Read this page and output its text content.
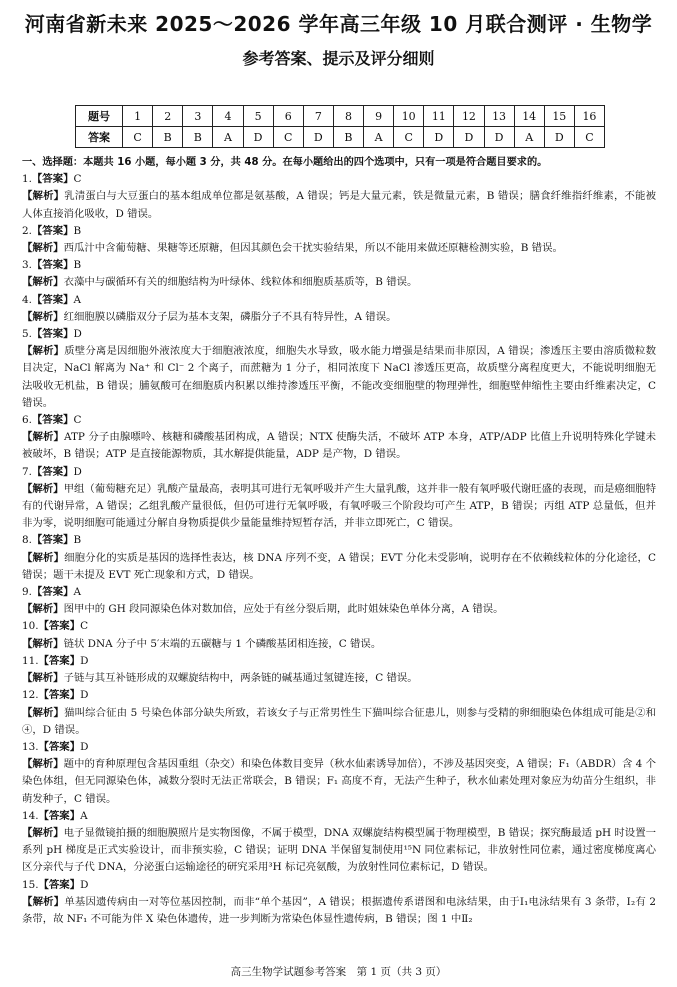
河南省新未来 2025～2026 学年高三年级 10 月联合测评 · 生物学
参考答案、提示及评分细则
题号	1	2	3	4	5	6	7	8	9	10	11	12	13	14	15	16
答案	C	B	B	A	D	C	D	B	A	C	D	D	D	A	D	C
一、选择题：本题共 16 小题，每小题 3 分，共 48 分。在每小题给出的四个选项中，只有一项是符合题目要求的。
1.【答案】C
【解析】乳清蛋白与大豆蛋白的基本组成单位都是氨基酸，A 错误；钙是大量元素，铁是微量元素，B 错误；膳食纤维指纤维素，不能被人体直接消化吸收，D 错误。
2.【答案】B
【解析】西瓜汁中含葡萄糖、果糖等还原糖，但因其颜色会干扰实验结果，所以不能用来做还原糖检测实验，B 错误。
3.【答案】B
【解析】衣藻中与碳循环有关的细胞结构为叶绿体、线粒体和细胞质基质等，B 错误。
4.【答案】A
【解析】红细胞膜以磷脂双分子层为基本支架，磷脂分子不具有特异性，A 错误。
5.【答案】D
【解析】质壁分离是因细胞外液浓度大于细胞液浓度，细胞失水导致，吸水能力增强是结果而非原因，A 错误；渗透压主要由溶质微粒数目决定，NaCl 解离为 Na⁺ 和 Cl⁻ 2 个离子，而蔗糖为 1 分子，相同浓度下 NaCl 渗透压更高，故质壁分离程度更大，不能说明细胞无法吸收无机盐，B 错误；脯氨酸可在细胞质内积累以维持渗透压平衡，不能改变细胞壁的物理弹性，细胞壁伸缩性主要由纤维素决定，C 错误。
6.【答案】C
【解析】ATP 分子由腺嘌呤、核糖和磷酸基团构成，A 错误；NTX 使酶失活，不破坏 ATP 本身，ATP/ADP 比值上升说明特殊化学键未被破坏，B 错误；ATP 是直接能源物质，其水解提供能量，ADP 是产物，D 错误。
7.【答案】D
【解析】甲组（葡萄糖充足）乳酸产量最高，表明其可进行无氧呼吸并产生大量乳酸，这并非一般有氧呼吸代谢旺盛的表现，而是癌细胞特有的代谢异常，A 错误；乙组乳酸产量很低，但仍可进行无氧呼吸，有氧呼吸三个阶段均可产生 ATP，B 错误；丙组 ATP 总量低，但并非为零，说明细胞可能通过分解自身物质提供少量能量维持短暂存活，并非立即死亡，C 错误。
8.【答案】B
【解析】细胞分化的实质是基因的选择性表达，核 DNA 序列不变，A 错误；EVT 分化未受影响，说明存在不依赖线粒体的分化途径，C 错误；题干未提及 EVT 死亡现象和方式，D 错误。
9.【答案】A
【解析】图甲中的 GH 段同源染色体对数加倍，应处于有丝分裂后期，此时姐妹染色单体分离，A 错误。
10.【答案】C
【解析】链状 DNA 分子中 5′末端的五碳糖与 1 个磷酸基团相连接，C 错误。
11.【答案】D
【解析】子链与其互补链形成的双螺旋结构中，两条链的碱基通过氢键连接，C 错误。
12.【答案】D
【解析】猫叫综合征由 5 号染色体部分缺失所致，若该女子与正常男性生下猫叫综合征患儿，则参与受精的卵细胞染色体组成可能是②和④，D 错误。
13.【答案】D
【解析】题中的育种原理包含基因重组（杂交）和染色体数目变异（秋水仙素诱导加倍），不涉及基因突变，A 错误；F₁（ABDR）含 4 个染色体组，但无同源染色体，减数分裂时无法正常联会，B 错误；F₁ 高度不育，无法产生种子，秋水仙素处理对象应为幼苗分生组织，非萌发种子，C 错误。
14.【答案】A
【解析】电子显微镜拍摄的细胞膜照片是实物图像，不属于模型，DNA 双螺旋结构模型属于物理模型，B 错误；探究酶最适 pH 时设置一系列 pH 梯度是正式实验设计，而非预实验，C 错误；证明 DNA 半保留复制使用¹⁵N 同位素标记，非放射性同位素，通过密度梯度离心区分亲代与子代 DNA，分泌蛋白运输途径的研究采用³H 标记亮氨酸，为放射性同位素标记，D 错误。
15.【答案】D
【解析】单基因遗传病由一对等位基因控制，而非“单个基因”，A 错误；根据遗传系谱图和电泳结果，由于Ⅰ₁电泳结果有 3 条带，Ⅰ₂有 2 条带，故 NF₁ 不可能为伴 X 染色体遗传，进一步判断为常染色体显性遗传病，B 错误；图 1 中Ⅱ₂
高三生物学试题参考答案　第 1 页（共 3 页）
